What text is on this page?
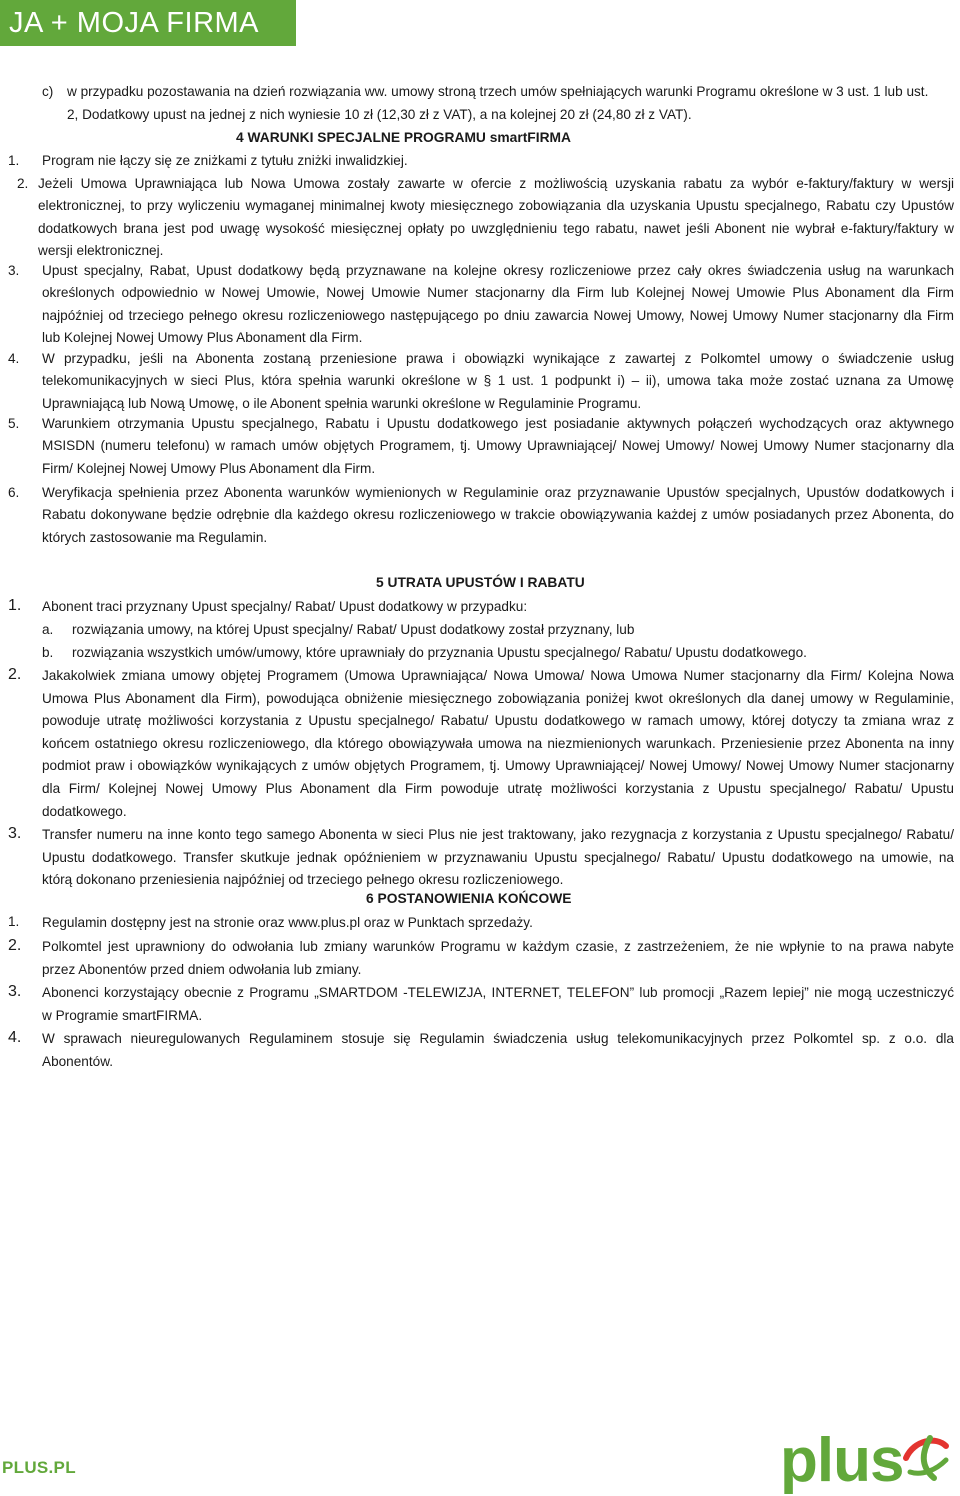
JA + MOJA FIRMA
c) w przypadku pozostawania na dzień rozwiązania ww. umowy stroną trzech umów spełniających warunki Programu określone w 3 ust. 1 lub ust.
2, Dodatkowy upust na jednej z nich wyniesie 10 zł (12,30 zł z VAT), a na kolejnej 20 zł (24,80 zł z VAT).
4 WARUNKI SPECJALNE PROGRAMU smartFIRMA
1. Program nie łączy się ze zniżkami z tytułu zniżki inwalidzkiej.
2. Jeżeli Umowa Uprawniająca lub Nowa Umowa zostały zawarte w ofercie z możliwością uzyskania rabatu za wybór e-faktury/faktury w wersji
elektronicznej, to przy wyliczeniu wymaganej minimalnej kwoty miesięcznego zobowiązania dla uzyskania Upustu specjalnego, Rabatu czy Upustów
dodatkowych brana jest pod uwagę wysokość miesięcznej opłaty po uwzględnieniu tego rabatu, nawet jeśli Abonent nie wybrał e-faktury/faktury w
wersji elektronicznej.
3. Upust specjalny, Rabat, Upust dodatkowy będą przyznawane na kolejne okresy rozliczeniowe przez cały okres świadczenia usług na warunkach
określonych odpowiednio w Nowej Umowie, Nowej Umowie Numer stacjonarny dla Firm lub Kolejnej Nowej Umowie Plus Abonament dla Firm
najpóźniej od trzeciego pełnego okresu rozliczeniowego następującego po dniu zawarcia Nowej Umowy, Nowej Umowy Numer stacjonarny dla Firm
lub Kolejnej Nowej Umowy Plus Abonament dla Firm.
4. W przypadku, jeśli na Abonenta zostaną przeniesione prawa i obowiązki wynikające z zawartej z Polkomtel umowy o świadczenie usług
telekomunikacyjnych w sieci Plus, która spełnia warunki określone w § 1 ust. 1 podpunkt i) – ii), umowa taka może zostać uznana za Umowę
Uprawniającą lub Nową Umowę, o ile Abonent spełnia warunki określone w Regulaminie Programu.
5. Warunkiem otrzymania Upustu specjalnego, Rabatu i Upustu dodatkowego jest posiadanie aktywnych połączeń wychodzących oraz aktywnego
MSISDN (numeru telefonu) w ramach umów objętych Programem, tj. Umowy Uprawniającej/ Nowej Umowy/ Nowej Umowy Numer stacjonarny dla
Firm/ Kolejnej Nowej Umowy Plus Abonament dla Firm.
6. Weryfikacja spełnienia przez Abonenta warunków wymienionych w Regulaminie oraz przyznawanie Upustów specjalnych, Upustów dodatkowych i
Rabatu dokonywane będzie odrębnie dla każdego okresu rozliczeniowego w trakcie obowiązywania każdej z umów posiadanych przez Abonenta, do
których zastosowanie ma Regulamin.
5 UTRATA UPUSTÓW I RABATU
1. Abonent traci przyznany Upust specjalny/ Rabat/ Upust dodatkowy w przypadku:
a. rozwiązania umowy, na której Upust specjalny/ Rabat/ Upust dodatkowy został przyznany, lub
b. rozwiązania wszystkich umów/umowy, które uprawniały do przyznania Upustu specjalnego/ Rabatu/ Upustu dodatkowego.
2. Jakakolwiek zmiana umowy objętej Programem (Umowa Uprawniająca/ Nowa Umowa/ Nowa Umowa Numer stacjonarny dla Firm/ Kolejna Nowa
Umowa Plus Abonament dla Firm), powodująca obniżenie miesięcznego zobowiązania poniżej kwot określonych dla danej umowy w Regulaminie,
powoduje utratę możliwości korzystania z Upustu specjalnego/ Rabatu/ Upustu dodatkowego w ramach umowy, której dotyczy ta zmiana wraz z
końcem ostatniego okresu rozliczeniowego, dla którego obowiązywała umowa na niezmienionych warunkach. Przeniesienie przez Abonenta na inny
podmiot praw i obowiązków wynikających z umów objętych Programem, tj. Umowy Uprawniającej/ Nowej Umowy/ Nowej Umowy Numer stacjonarny
dla Firm/ Kolejnej Nowej Umowy Plus Abonament dla Firm powoduje utratę możliwości korzystania z Upustu specjalnego/ Rabatu/ Upustu
dodatkowego.
3. Transfer numeru na inne konto tego samego Abonenta w sieci Plus nie jest traktowany, jako rezygnacja z korzystania z Upustu specjalnego/ Rabatu/
Upustu dodatkowego. Transfer skutkuje jednak opóźnieniem w przyznawaniu Upustu specjalnego/ Rabatu/ Upustu dodatkowego na umowie, na
którą dokonano przeniesienia najpóźniej od trzeciego pełnego okresu rozliczeniowego.
6 POSTANOWIENIA KOŃCOWE
1. Regulamin dostępny jest na stronie oraz www.plus.pl oraz w Punktach sprzedaży.
2. Polkomtel jest uprawniony do odwołania lub zmiany warunków Programu w każdym czasie, z zastrzeżeniem, że nie wpłynie to na prawa nabyte
przez Abonentów przed dniem odwołania lub zmiany.
3. Abonenci korzystający obecnie z Programu „SMARTDOM -TELEWIZJA, INTERNET, TELEFON” lub promocji „Razem lepiej” nie mogą uczestniczyć
w Programie smartFIRMA.
4. W sprawach nieuregulowanych Regulaminem stosuje się Regulamin świadczenia usług telekomunikacyjnych przez Polkomtel sp. z o.o. dla
Abonentów.
PLUS.PL	plus
